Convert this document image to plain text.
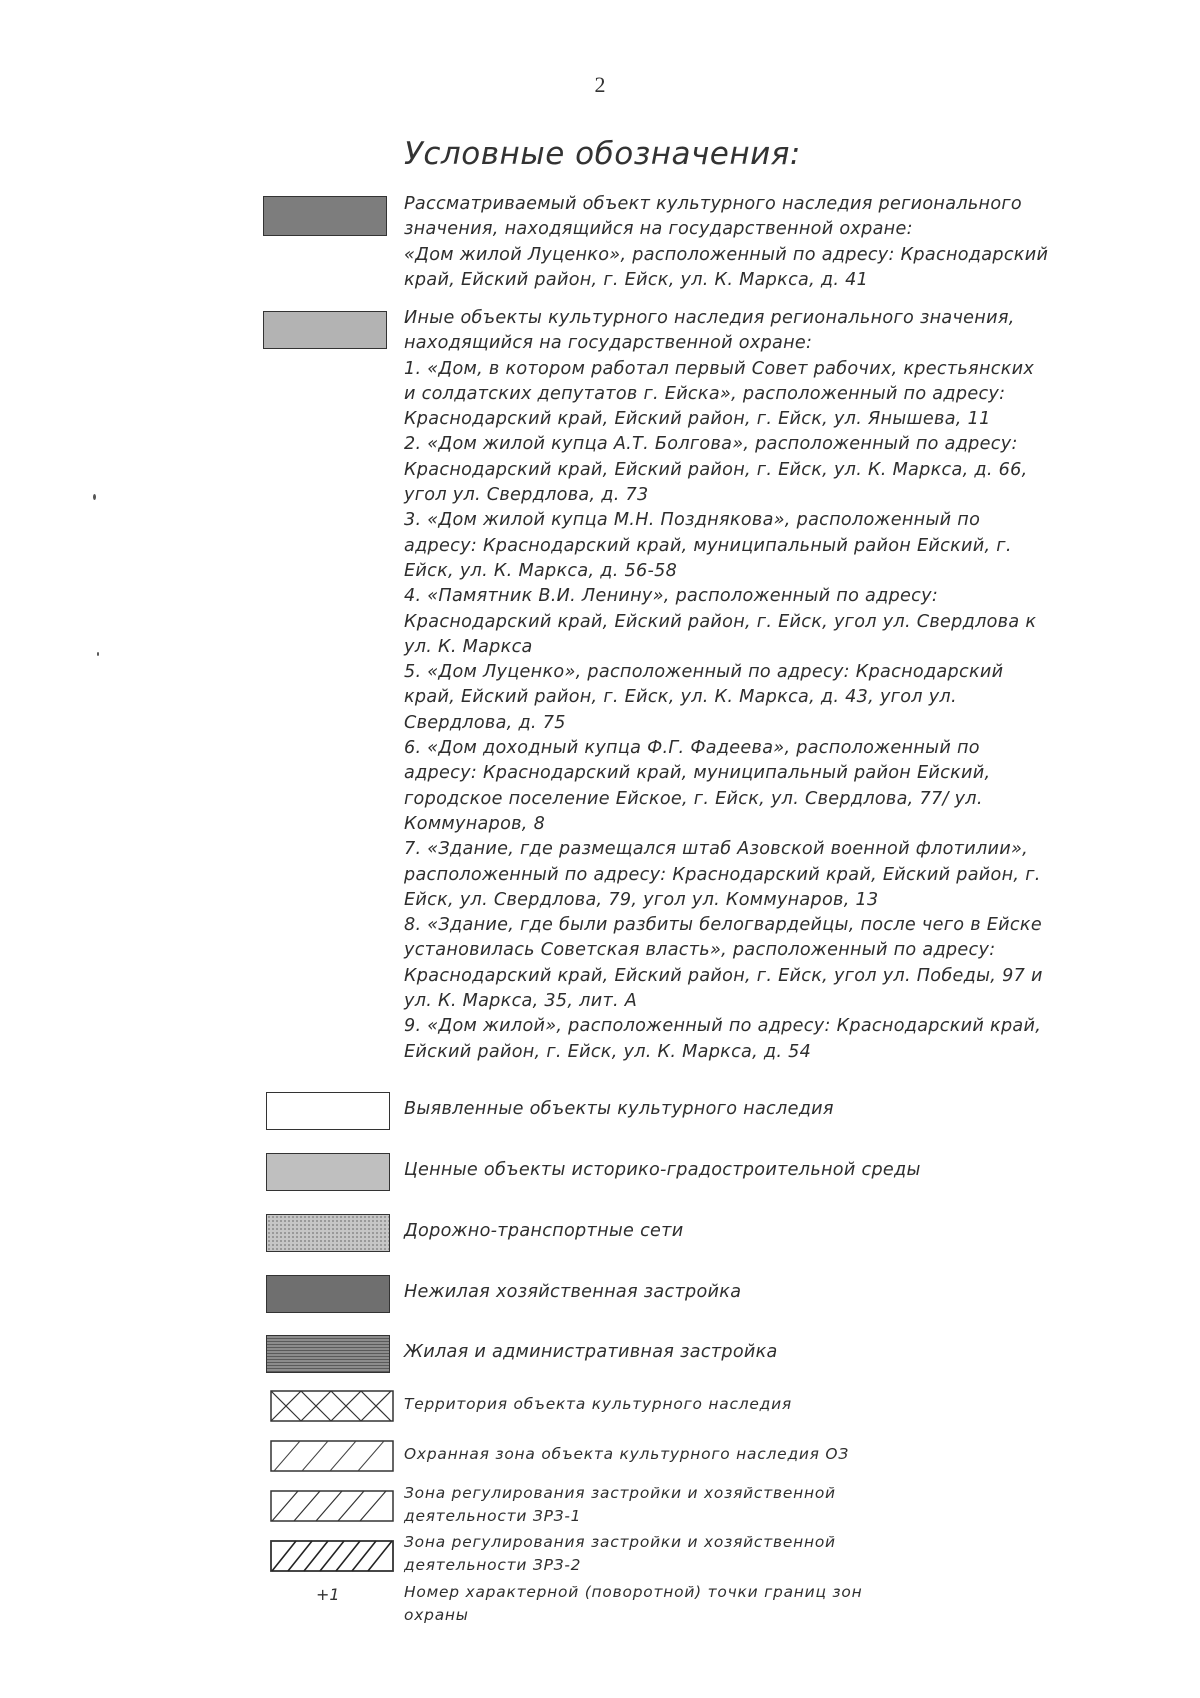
2
Условные обозначения:
Рассматриваемый объект культурного наследия регионального
значения, находящийся на государственной охране:
«Дом жилой Луценко», расположенный по адресу: Краснодарский
край, Ейский район, г. Ейск, ул. К. Маркса, д. 41
Иные объекты культурного наследия регионального значения,
находящийся на государственной охране:
1. «Дом, в котором работал первый Совет рабочих, крестьянских
и солдатских депутатов г. Ейска», расположенный по адресу:
Краснодарский край, Ейский район, г. Ейск, ул. Янышева, 11
2. «Дом жилой купца А.Т. Болгова», расположенный по адресу:
Краснодарский край, Ейский район, г. Ейск, ул. К. Маркса, д. 66,
угол ул. Свердлова, д. 73
3. «Дом жилой купца М.Н. Позднякова», расположенный по
адресу: Краснодарский край, муниципальный район Ейский, г.
Ейск, ул. К. Маркса, д. 56-58
4. «Памятник В.И. Ленину», расположенный по адресу:
Краснодарский край, Ейский район, г. Ейск, угол ул. Свердлова к
ул. К. Маркса
5. «Дом Луценко», расположенный по адресу: Краснодарский
край, Ейский район, г. Ейск, ул. К. Маркса, д. 43, угол ул.
Свердлова, д. 75
6. «Дом доходный купца Ф.Г. Фадеева», расположенный по
адресу: Краснодарский край, муниципальный район Ейский,
городское поселение Ейское, г. Ейск, ул. Свердлова, 77/ ул.
Коммунаров, 8
7. «Здание, где размещался штаб Азовской военной флотилии»,
расположенный по адресу: Краснодарский край, Ейский район, г.
Ейск, ул. Свердлова, 79, угол ул. Коммунаров, 13
8. «Здание, где были разбиты белогвардейцы, после чего в Ейске
установилась Советская власть», расположенный по адресу:
Краснодарский край, Ейский район, г. Ейск, угол ул. Победы, 97 и
ул. К. Маркса, 35, лит. А
9. «Дом жилой», расположенный по адресу: Краснодарский край,
Ейский район, г. Ейск, ул. К. Маркса, д. 54
Выявленные объекты культурного наследия
Ценные объекты историко-градостроительной среды
Дорожно-транспортные сети
Нежилая хозяйственная застройка
Жилая и административная застройка
Территория объекта культурного наследия
Охранная зона объекта культурного наследия ОЗ
Зона регулирования застройки и хозяйственной
деятельности ЗРЗ-1
Зона регулирования застройки и хозяйственной
деятельности ЗРЗ-2
+1	Номер характерной (поворотной) точки границ зон
охраны
